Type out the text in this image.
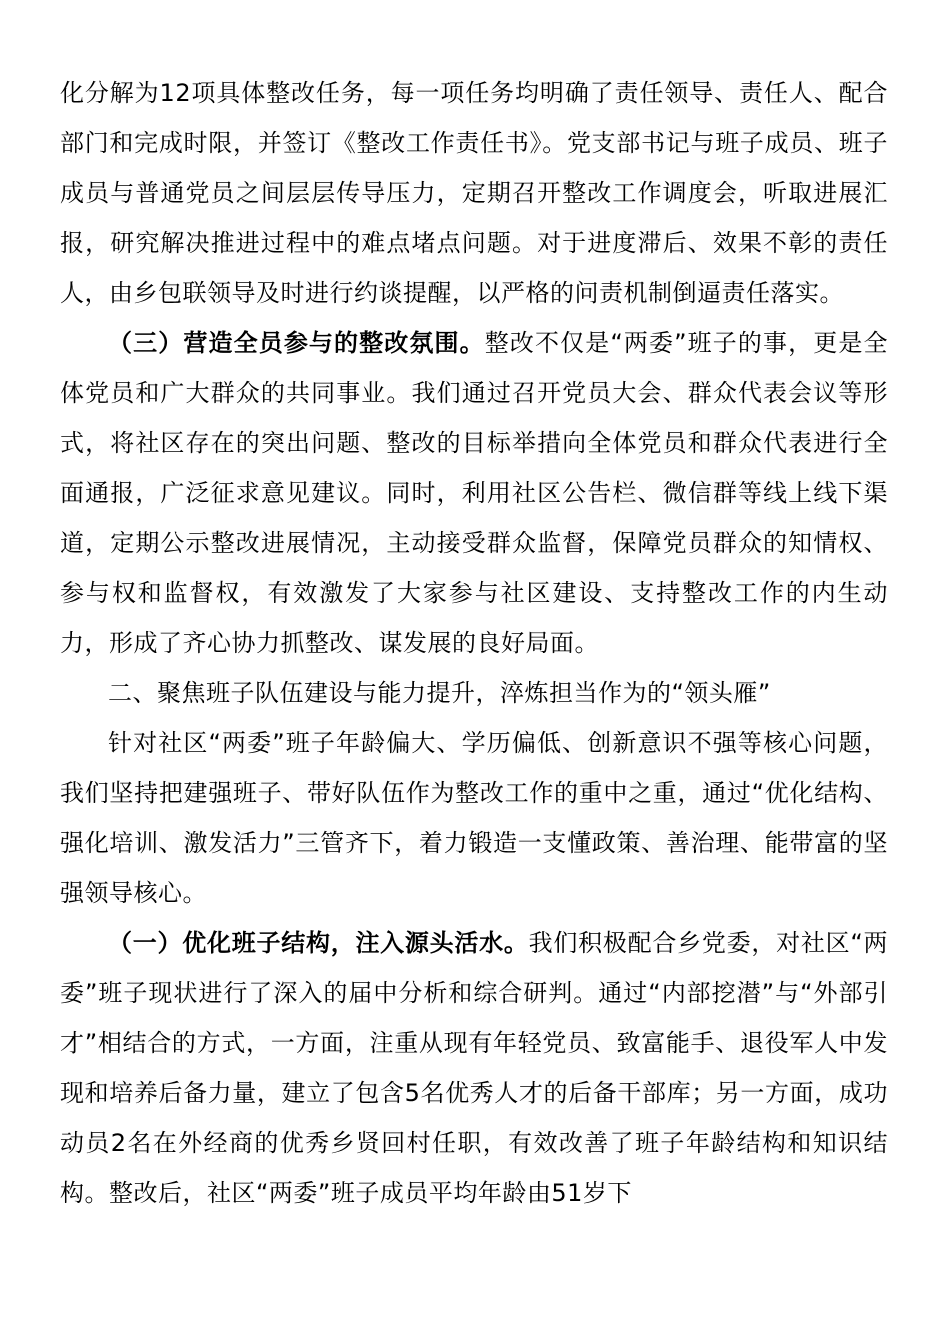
化分解为12项具体整改任务，每一项任务均明确了责任领导、责任人、配合部门和完成时限，并签订《整改工作责任书》。党支部书记与班子成员、班子成员与普通党员之间层层传导压力，定期召开整改工作调度会，听取进展汇报，研究解决推进过程中的难点堵点问题。对于进度滞后、效果不彰的责任人，由乡包联领导及时进行约谈提醒，以严格的问责机制倒逼责任落实。

（三）营造全员参与的整改氛围。整改不仅是“两委”班子的事，更是全体党员和广大群众的共同事业。我们通过召开党员大会、群众代表会议等形式，将社区存在的突出问题、整改的目标举措向全体党员和群众代表进行全面通报，广泛征求意见建议。同时，利用社区公告栏、微信群等线上线下渠道，定期公示整改进展情况，主动接受群众监督，保障党员群众的知情权、参与权和监督权，有效激发了大家参与社区建设、支持整改工作的内生动力，形成了齐心协力抓整改、谋发展的良好局面。

二、聚焦班子队伍建设与能力提升，淬炼担当作为的“领头雁”

针对社区“两委”班子年龄偏大、学历偏低、创新意识不强等核心问题，我们坚持把建强班子、带好队伍作为整改工作的重中之重，通过“优化结构、强化培训、激发活力”三管齐下，着力锻造一支懂政策、善治理、能带富的坚强领导核心。

（一）优化班子结构，注入源头活水。我们积极配合乡党委，对社区“两委”班子现状进行了深入的届中分析和综合研判。通过“内部挖潜”与“外部引才”相结合的方式，一方面，注重从现有年轻党员、致富能手、退役军人中发现和培养后备力量，建立了包含5名优秀人才的后备干部库；另一方面，成功动员2名在外经商的优秀乡贤回村任职，有效改善了班子年龄结构和知识结构。整改后，社区“两委”班子成员平均年龄由51岁下
